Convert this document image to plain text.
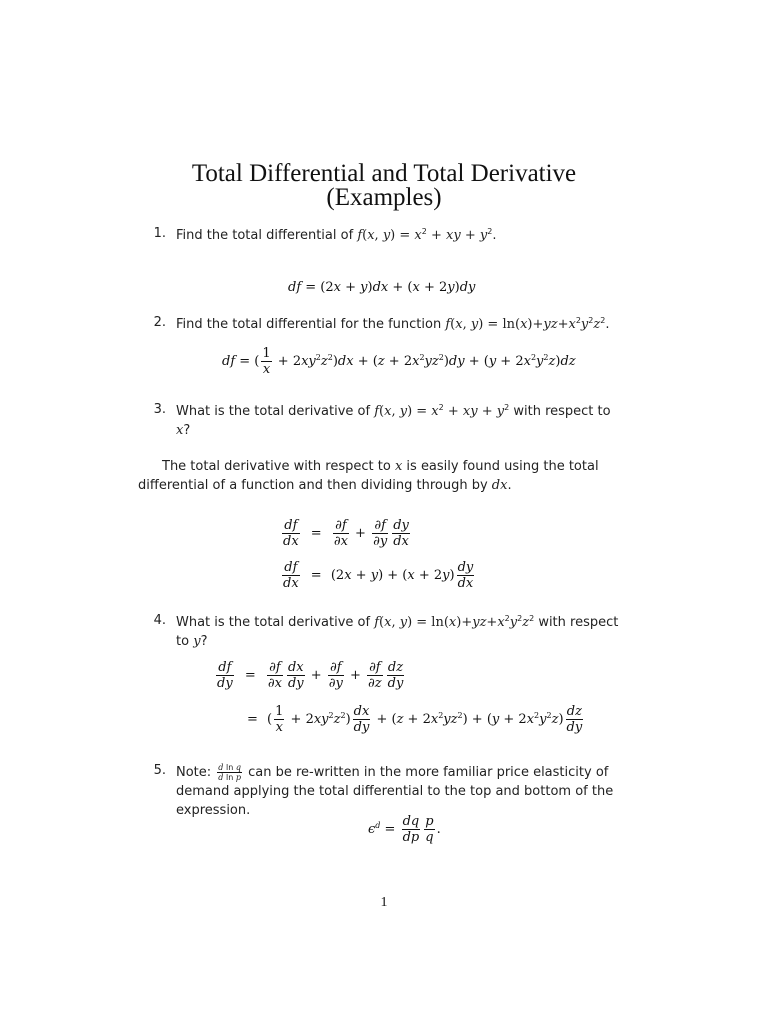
Total Differential and Total Derivative
(Examples)
1. Find the total differential of f(x, $y) = x^2$ + xy + $y^2$.
df = (2x + y)dx + (x + 2y)dy
2. Find the total differential for the function f(x, $y) = \ln(x)+yz+x^2y^2z^2$.
df = ( $\frac{1}{x} + 2xy^2z^2)dx + (z + 2x^2yz^2)dy + (y + 2x^2y^2z)dz$
3. What is the total derivative of f(x, $y) = x^2$ + xy + $y^2$ with respect to
x?
The total derivative with respect to x is easily found using the total
differential of a function and then dividing through by dx.
$\frac{df}{dx} = \frac{\partial f}{\partial x} + \frac{\partial f}{\partial y} \frac{dy}{dx}$
$\frac{df}{dx} = (2x + y) + (x + 2y) \frac{dy}{dx}$
4. What is the total derivative of f(x, $y) = \ln(x)+yz+x^2y^2z^2$ with respect
to y?
$\frac{df}{dy} = \frac{\partial f}{\partial x} \frac{dx}{dy} + \frac{\partial f}{\partial y} + \frac{\partial f}{\partial z} \frac{dz}{dy}$
= ( $\frac{1}{x} + 2xy^2z^2) \frac{dx}{dy} + (z + 2x^2yz^2) + (y + 2x^2y^2z) \frac{dz}{dy}$
5. Note: $\frac{\text{d ln q}}{\text{d ln p}}$ can be re-written in the more familiar price elasticity of
demand applying the total differential to the top and bottom of the
expression.
$\epsilon^d = \frac{dq}{dp} \frac{p}{q}$ .
1
